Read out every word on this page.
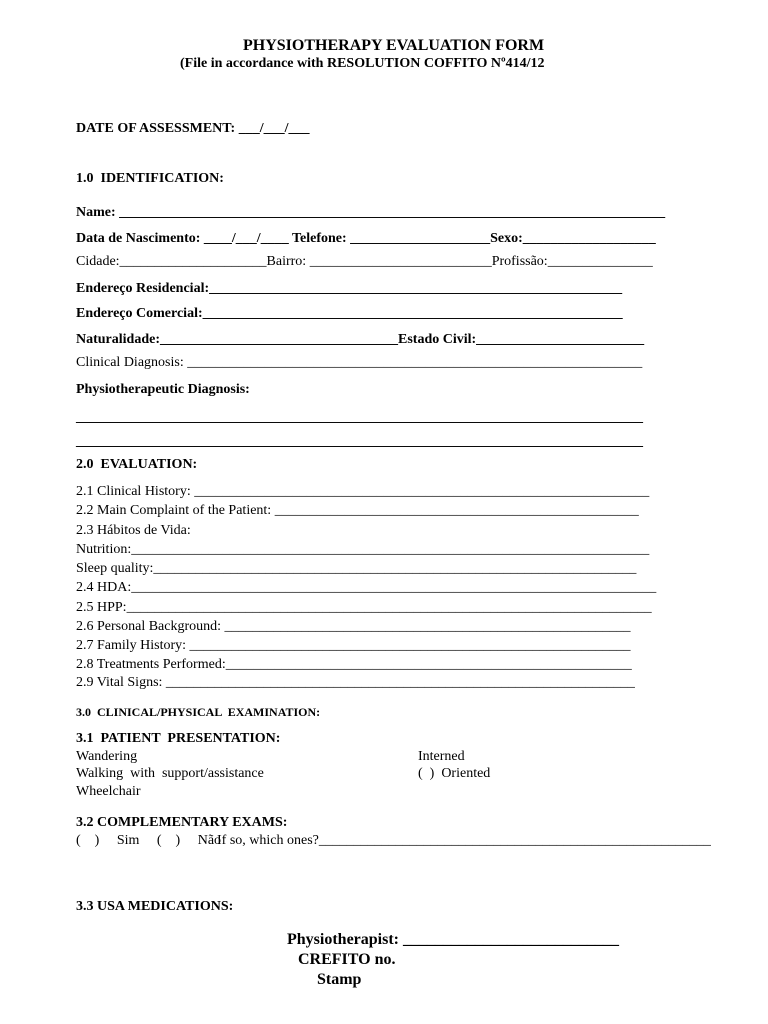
PHYSIOTHERAPY EVALUATION FORM
(File in accordance with RESOLUTION COFFITO Nº414/12
DATE OF ASSESSMENT: ___/___/___
1.0  IDENTIFICATION:
Name: ______________________________________________________________________________
Data de Nascimento: ____/___/____ Telefone: ____________________Sexo:___________________
Cidade:_____________________Bairro: __________________________Profissão:_______________
Endereço Residencial:___________________________________________________________
Endereço Comercial:____________________________________________________________
Naturalidade:__________________________________Estado Civil:________________________
Clinical Diagnosis: _________________________________________________________________
Physiotherapeutic Diagnosis:
_________________________________________________________________________________
_________________________________________________________________________________
2.0  EVALUATION:
2.1 Clinical History: _________________________________________________________________
2.2 Main Complaint of the Patient: ____________________________________________________
2.3 Hábitos de Vida:
Nutrition:__________________________________________________________________________
Sleep quality:_____________________________________________________________________
2.4 HDA:___________________________________________________________________________
2.5 HPP:___________________________________________________________________________
2.6 Personal Background: __________________________________________________________
2.7 Family History: _______________________________________________________________
2.8 Treatments Performed:__________________________________________________________
2.9 Vital Signs: ___________________________________________________________________
3.0  CLINICAL/PHYSICAL  EXAMINATION:
3.1  PATIENT  PRESENTATION:
Wandering
Walking  with  support/assistance
Wheelchair
Interned
(  )  Oriented
3.2 COMPLEMENTARY EXAMS:
(    )     Sim     (    )     Não
If so, which ones?________________________________________________________
3.3 USA MEDICATIONS:
Physiotherapist: ___________________________
CREFITO no.
Stamp
